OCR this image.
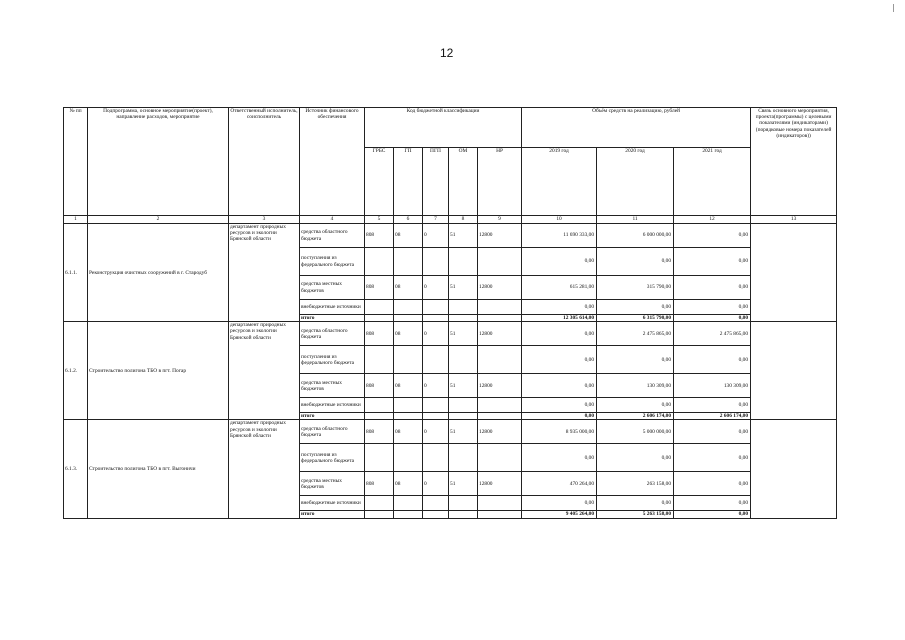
12
№ пп	Подпрограмма, основное мероприятие(проект), направление расходов, мероприятие	Ответственный исполнитель, соисполнитель	Источник финансового обеспечения	Код бюджетной классификации					Объём средств на реализацию, рублей			Связь основного мероприятия, проекта(программы) с целевыми показателями (индикаторами) (порядковые номера показателей (индикаторов))
				ГРБС	ГП	ПГП	ОМ	НР	2019 год	2020 год	2021 год	
1	2	3	4	5	6	7	8	9	10	11	12	13
6.1.1.	Реконструкция очистных сооружений в г. Стародуб	департамент природных ресурсов и экологии Брянской области	средства областного бюджета	808	08	0	51	12800	11 690 333,00	6 000 000,00	0,00	
			поступления из федерального бюджета						0,00	0,00	0,00	
			средства местных бюджетов	808	08	0	51	12800	615 281,00	315 790,00	0,00	
			внебюджетные источники						0,00	0,00	0,00	
			итого						12 305 614,00	6 315 790,00	0,00	
6.1.2.	Строительство полигона ТБО в пгт. Погар	департамент природных ресурсов и экологии Брянской области	средства областного бюджета	808	08	0	51	12800	0,00	2 475 865,00	2 475 865,00	
			поступления из федерального бюджета						0,00	0,00	0,00	
			средства местных бюджетов	808	08	0	51	12800	0,00	130 309,00	130 309,00	
			внебюджетные источники						0,00	0,00	0,00	
			итого						0,00	2 606 174,00	2 606 174,00	
6.1.3.	Строительство полигона ТБО в пгт. Выгоничи	департамент природных ресурсов и экологии Брянской области	средства областного бюджета	808	08	0	51	12800	8 935 000,00	5 000 000,00	0,00	
			поступления из федерального бюджета						0,00	0,00	0,00	
			средства местных бюджетов	808	08	0	51	12800	470 264,00	263 158,00	0,00	
			внебюджетные источники						0,00	0,00	0,00	
			итого						9 405 264,00	5 263 158,00	0,00	
